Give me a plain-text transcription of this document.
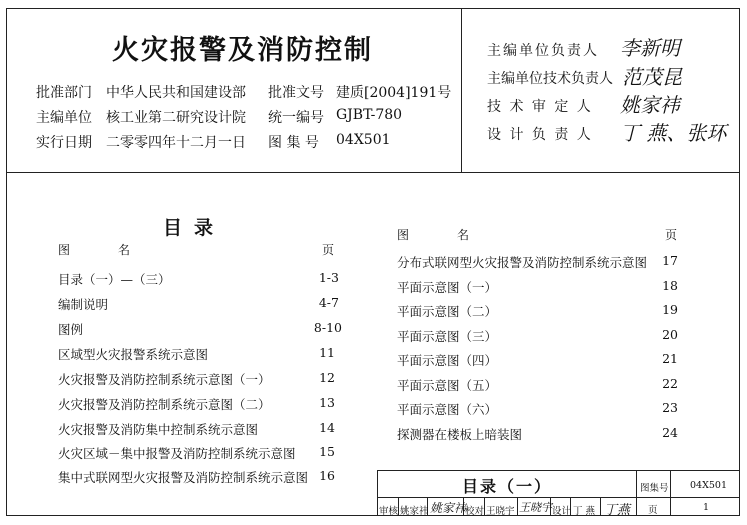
火灾报警及消防控制
批准部门 中华人民共和国建设部 批准文号 建质[2004]191号
主编单位 核工业第二研究设计院 统一编号 GJBT-780
实行日期 二零零四年十二月一日 图 集 号 04X501
主编单位负责人 李新明
主编单位技术负责人 范茂昆
技 术 审 定 人 姚家祎
设 计 负 责 人 丁 燕、张环
目录
图　　　　名	页
图　　　　名	页
目录（一）—（三）	1-3
编制说明	4-7
图例	8-10
区域型火灾报警系统示意图	11
火灾报警及消防控制系统示意图（一）	12
火灾报警及消防控制系统示意图（二）	13
火灾报警及消防集中控制系统示意图	14
火灾区域－集中报警及消防控制系统示意图	15
集中式联网型火灾报警及消防控制系统示意图 16
分布式联网型火灾报警及消防控制系统示意图	17
平面示意图（一）	18
平面示意图（二）	19
平面示意图（三）	20
平面示意图（四）	21
平面示意图（五）	22
平面示意图（六）	23
探测器在楼板上暗装图	24
目录（一）	图集号 04X501
页	1
审核 姚家祎 姚家祎
校对 王晓宇 王晓宇 设计 丁 燕 丁燕
